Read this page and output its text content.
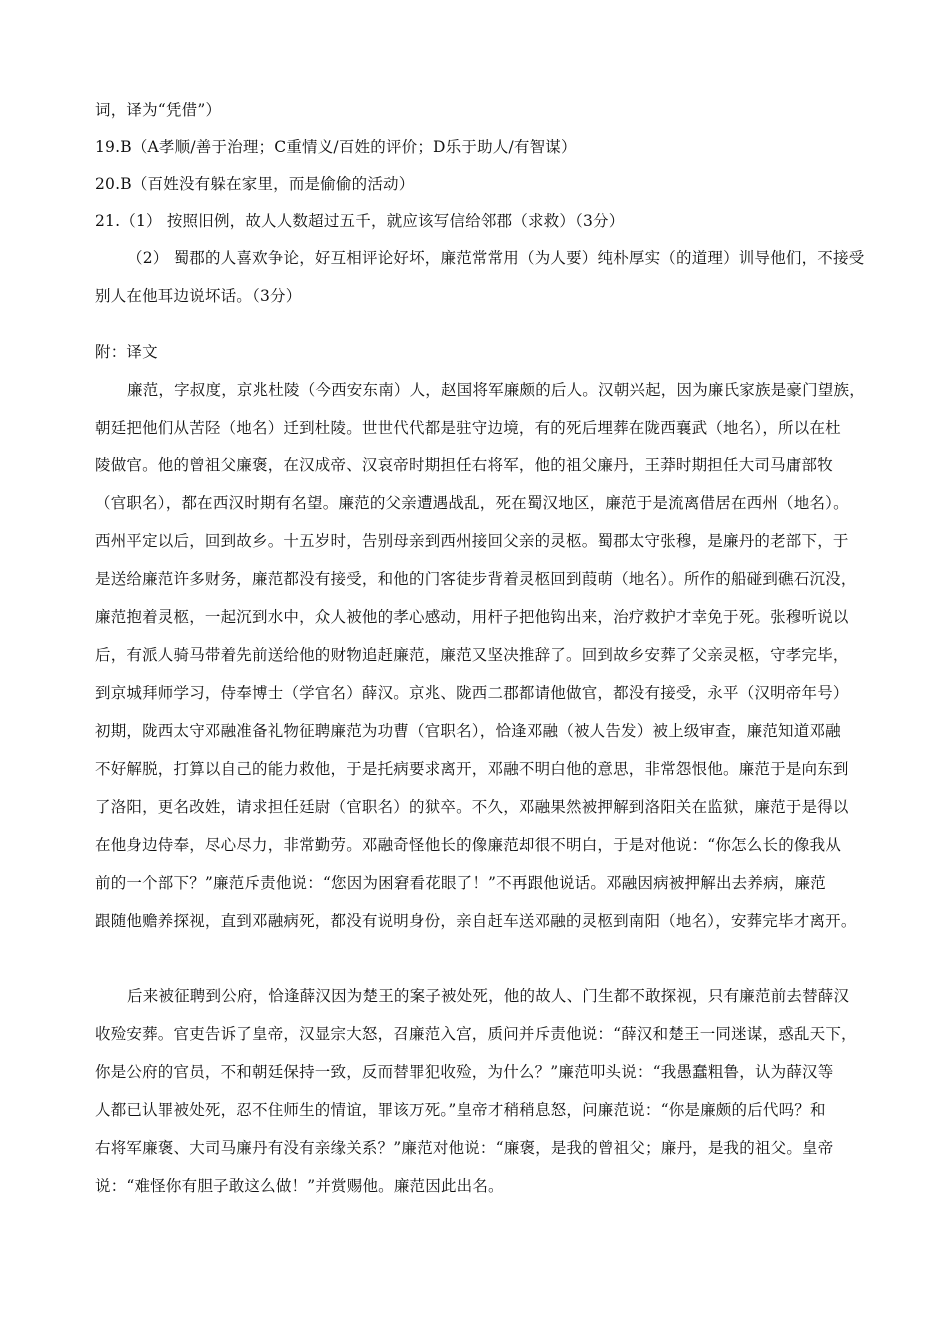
词，译为“凭借”）
19.B（A孝顺/善于治理；C重情义/百姓的评价；D乐于助人/有智谋）
20.B（百姓没有躲在家里，而是偷偷的活动）
21.（1） 按照旧例，故人人数超过五千，就应该写信给邻郡（求救）（3分）
（2） 蜀郡的人喜欢争论，好互相评论好坏，廉范常常用（为人要）纯朴厚实（的道理）训导他们，不接受
别人在他耳边说坏话。（3分）
附：译文
廉范，字叔度，京兆杜陵（今西安东南）人，赵国将军廉颇的后人。汉朝兴起，因为廉氏家族是豪门望族，
朝廷把他们从苦陉（地名）迁到杜陵。世世代代都是驻守边境，有的死后埋葬在陇西襄武（地名），所以在杜
陵做官。他的曾祖父廉褒，在汉成帝、汉哀帝时期担任右将军，他的祖父廉丹，王莽时期担任大司马庸部牧
（官职名），都在西汉时期有名望。廉范的父亲遭遇战乱，死在蜀汉地区，廉范于是流离借居在西州（地名）。
西州平定以后，回到故乡。十五岁时，告别母亲到西州接回父亲的灵柩。蜀郡太守张穆，是廉丹的老部下，于
是送给廉范许多财务，廉范都没有接受，和他的门客徒步背着灵柩回到葭萌（地名）。所作的船碰到礁石沉没，
廉范抱着灵柩，一起沉到水中，众人被他的孝心感动，用杆子把他钩出来，治疗救护才幸免于死。张穆听说以
后，有派人骑马带着先前送给他的财物追赶廉范，廉范又坚决推辞了。回到故乡安葬了父亲灵柩，守孝完毕，
到京城拜师学习，侍奉博士（学官名）薛汉。京兆、陇西二郡都请他做官，都没有接受，永平（汉明帝年号）
初期，陇西太守邓融准备礼物征聘廉范为功曹（官职名），恰逢邓融（被人告发）被上级审查，廉范知道邓融
不好解脱，打算以自己的能力救他，于是托病要求离开，邓融不明白他的意思，非常怨恨他。廉范于是向东到
了洛阳，更名改姓，请求担任廷尉（官职名）的狱卒。不久，邓融果然被押解到洛阳关在监狱，廉范于是得以
在他身边侍奉，尽心尽力，非常勤劳。邓融奇怪他长的像廉范却很不明白，于是对他说：“你怎么长的像我从
前的一个部下？”廉范斥责他说：“您因为困窘看花眼了！”不再跟他说话。邓融因病被押解出去养病，廉范
跟随他赡养探视，直到邓融病死，都没有说明身份，亲自赶车送邓融的灵柩到南阳（地名），安葬完毕才离开。
后来被征聘到公府，恰逢薛汉因为楚王的案子被处死，他的故人、门生都不敢探视，只有廉范前去替薛汉
收殓安葬。官吏告诉了皇帝，汉显宗大怒，召廉范入宫，质问并斥责他说：“薛汉和楚王一同迷谋，惑乱天下，
你是公府的官员，不和朝廷保持一致，反而替罪犯收殓，为什么？”廉范叩头说：“我愚蠢粗鲁，认为薛汉等
人都已认罪被处死，忍不住师生的情谊，罪该万死。”皇帝才稍稍息怒，问廉范说：“你是廉颇的后代吗？和
右将军廉褒、大司马廉丹有没有亲缘关系？”廉范对他说：“廉褒，是我的曾祖父；廉丹，是我的祖父。皇帝
说：“难怪你有胆子敢这么做！”并赏赐他。廉范因此出名。
